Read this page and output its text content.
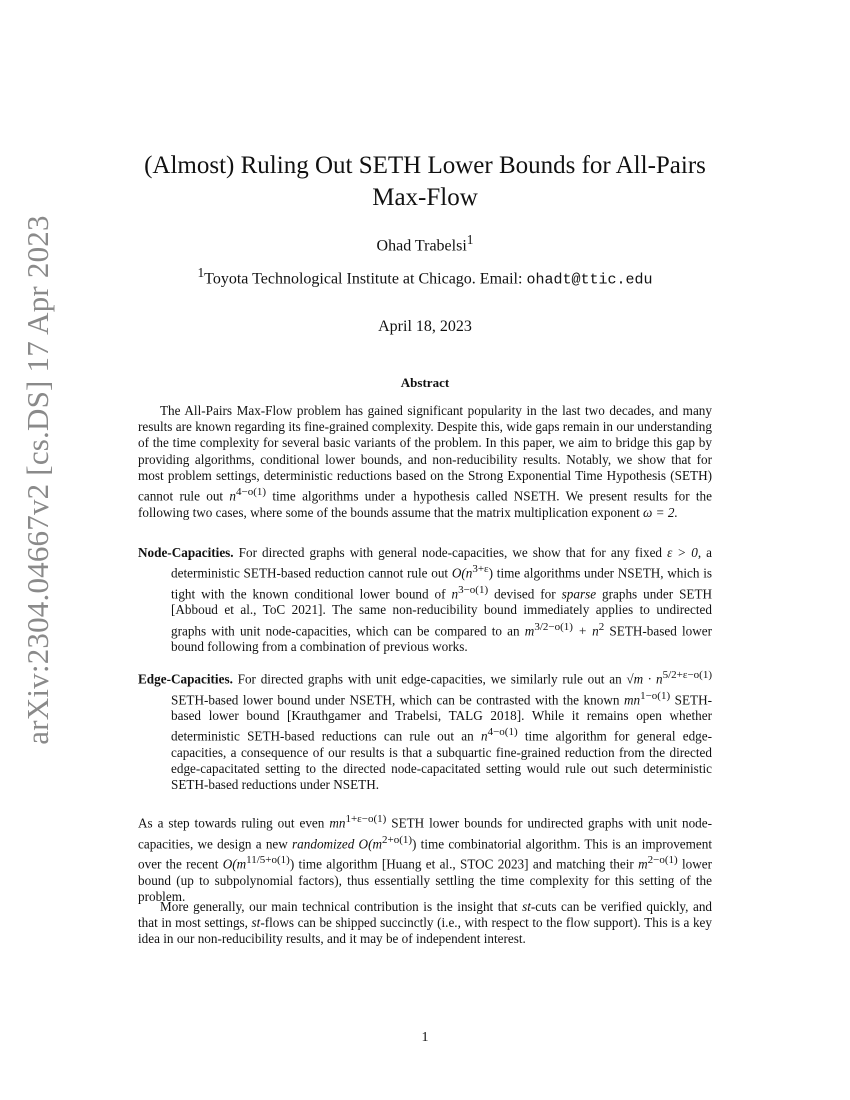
arXiv:2304.04667v2 [cs.DS] 17 Apr 2023
(Almost) Ruling Out SETH Lower Bounds for All-Pairs Max-Flow
Ohad Trabelsi$^1$
$^1$Toyota Technological Institute at Chicago. Email: ohadt@ttic.edu
April 18, 2023
Abstract
The All-Pairs Max-Flow problem has gained significant popularity in the last two decades, and many results are known regarding its fine-grained complexity. Despite this, wide gaps remain in our understanding of the time complexity for several basic variants of the problem. In this paper, we aim to bridge this gap by providing algorithms, conditional lower bounds, and non-reducibility results. Notably, we show that for most problem settings, deterministic reductions based on the Strong Exponential Time Hypothesis (SETH) cannot rule out $n^{4-o(1)}$ time algorithms under a hypothesis called NSETH. We present results for the following two cases, where some of the bounds assume that the matrix multiplication exponent ω = 2.
Node-Capacities. For directed graphs with general node-capacities, we show that for any fixed ε > 0, a deterministic SETH-based reduction cannot rule out $O(n^{3+\varepsilon})$ time algorithms under NSETH, which is tight with the known conditional lower bound of $n^{3-o(1)}$ devised for sparse graphs under SETH [Abboud et al., ToC 2021]. The same non-reducibility bound immediately applies to undirected graphs with unit node-capacities, which can be compared to an $m^{3/2-o(1)} + n^2$ SETH-based lower bound following from a combination of previous works.
Edge-Capacities. For directed graphs with unit edge-capacities, we similarly rule out an $√m \cdot n^{5/2+\varepsilon-o(1)}$ SETH-based lower bound under NSETH, which can be contrasted with the known $mn^{1-o(1)}$ SETH-based lower bound [Krauthgamer and Trabelsi, TALG 2018]. While it remains open whether deterministic SETH-based reductions can rule out an $n^{4-o(1)}$ time algorithm for general edge-capacities, a consequence of our results is that a subquartic fine-grained reduction from the directed edge-capacitated setting to the directed node-capacitated setting would rule out such deterministic SETH-based reductions under NSETH.
As a step towards ruling out even $mn^{1+\varepsilon-o(1)}$ SETH lower bounds for undirected graphs with unit node-capacities, we design a new randomized $O(m^{2+o(1)})$ time combinatorial algorithm. This is an improvement over the recent $O(m^{11/5+o(1)})$ time algorithm [Huang et al., STOC 2023] and matching their $m^{2-o(1)}$ lower bound (up to subpolynomial factors), thus essentially settling the time complexity for this setting of the problem.
More generally, our main technical contribution is the insight that st-cuts can be verified quickly, and that in most settings, st-flows can be shipped succinctly (i.e., with respect to the flow support). This is a key idea in our non-reducibility results, and it may be of independent interest.
1
